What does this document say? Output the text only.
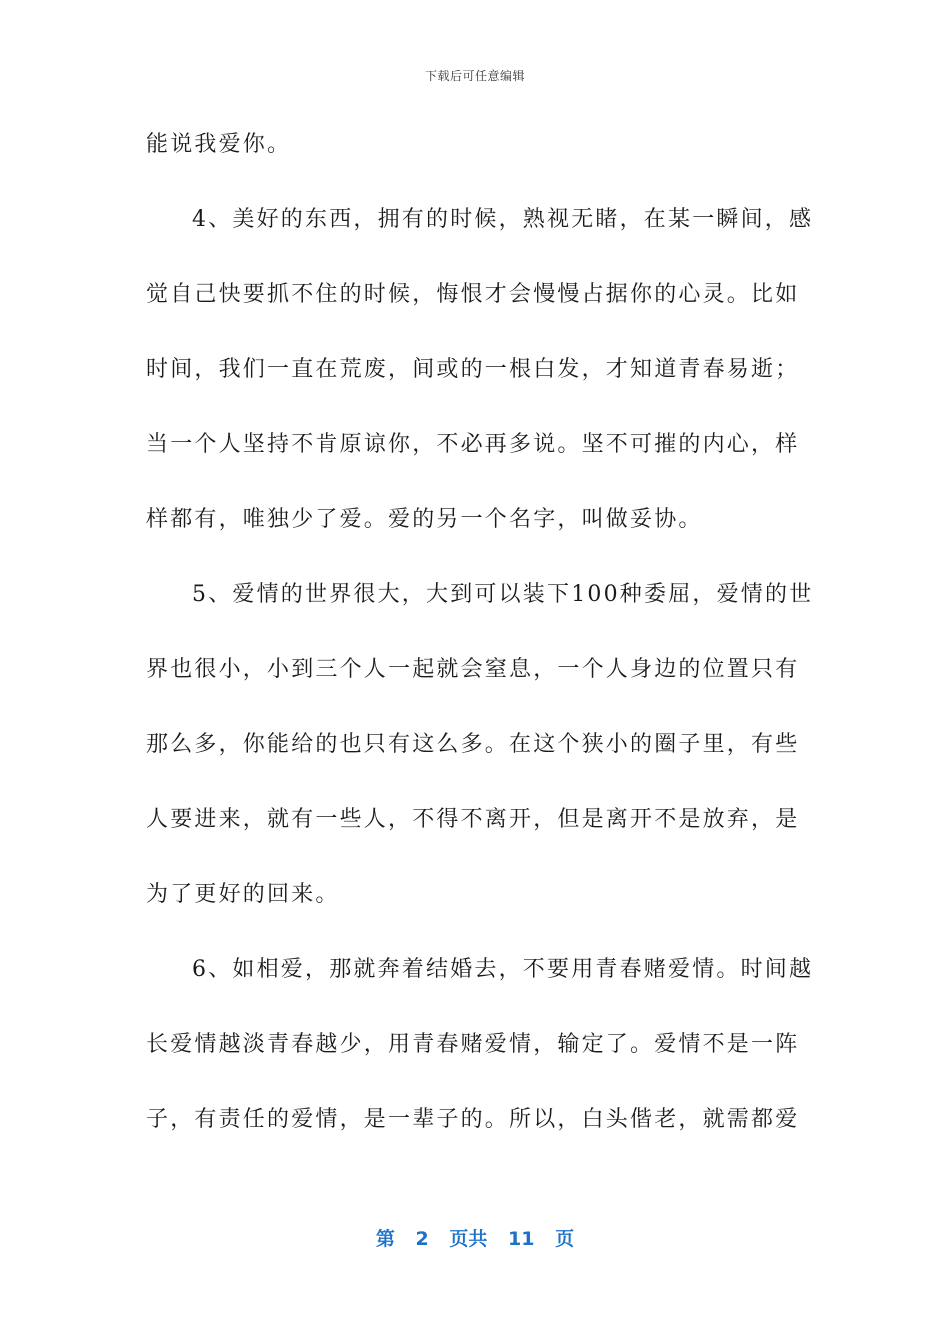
下载后可任意编辑
能说我爱你。
4、美好的东西，拥有的时候，熟视无睹，在某一瞬间，感
觉自己快要抓不住的时候，悔恨才会慢慢占据你的心灵。比如
时间，我们一直在荒废，间或的一根白发，才知道青春易逝；
当一个人坚持不肯原谅你，不必再多说。坚不可摧的内心，样
样都有，唯独少了爱。爱的另一个名字，叫做妥协。
5、爱情的世界很大，大到可以装下100种委屈，爱情的世
界也很小，小到三个人一起就会窒息，一个人身边的位置只有
那么多，你能给的也只有这么多。在这个狭小的圈子里，有些
人要进来，就有一些人，不得不离开，但是离开不是放弃，是
为了更好的回来。
6、如相爱，那就奔着结婚去，不要用青春赌爱情。时间越
长爱情越淡青春越少，用青春赌爱情，输定了。爱情不是一阵
子，有责任的爱情，是一辈子的。所以，白头偕老，就需都爱
第 2 页共 11 页
